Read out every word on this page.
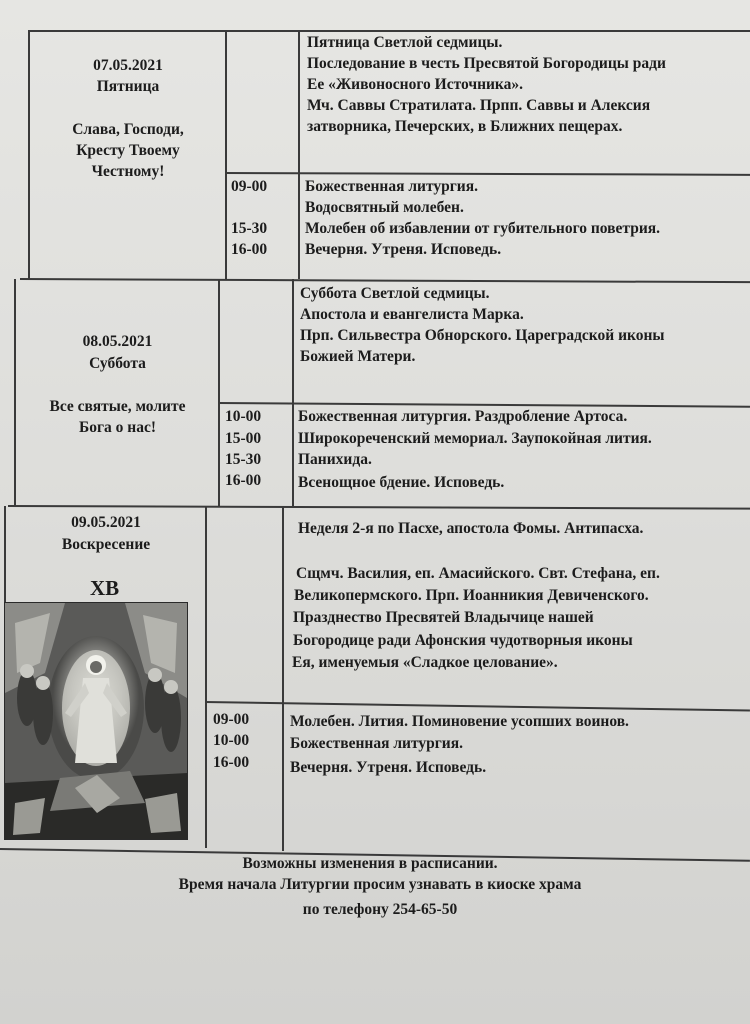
07.05.2021
Пятница
Слава, Господи,
Кресту Твоему
Честному!
Пятница Светлой седмицы.
Последование в честь Пресвятой Богородицы ради
Ее «Живоносного Источника».
Мч. Саввы Стратилата. Прпп. Саввы и Алексия
затворника, Печерских, в Ближних пещерах.
09-00 Божественная литургия.
Водосвятный молебен.
15-30 Молебен об избавлении от губительного поветрия.
16-00 Вечерня. Утреня. Исповедь.
08.05.2021
Суббота
Все святые, молите
Бога о нас!
Суббота Светлой седмицы.
Апостола и евангелиста Марка.
Прп. Сильвестра Обнорского. Цареградской иконы
Божией Матери.
10-00 Божественная литургия. Раздробление Артоса.
15-00 Широкореченский мемориал. Заупокойная лития.
15-30 Панихида.
16-00 Всенощное бдение. Исповедь.
09.05.2021
Воскресение
ХВ
Неделя 2-я по Пасхе, апостола Фомы. Антипасха.
Сщмч. Василия, еп. Амасийского. Свт. Стефана, еп.
Великопермского. Прп. Иоанникия Девиченского.
Празднество Пресвятей Владычице нашей
Богородице ради Афонския чудотворныя иконы
Ея, именуемыя «Сладкое целование».
09-00	Молебен. Лития. Поминовение усопших воинов.
10-00	Божественная литургия.
16-00	Вечерня. Утреня. Исповедь.
Возможны изменения в расписании.
Время начала Литургии просим узнавать в киоске храма
по телефону 254-65-50
